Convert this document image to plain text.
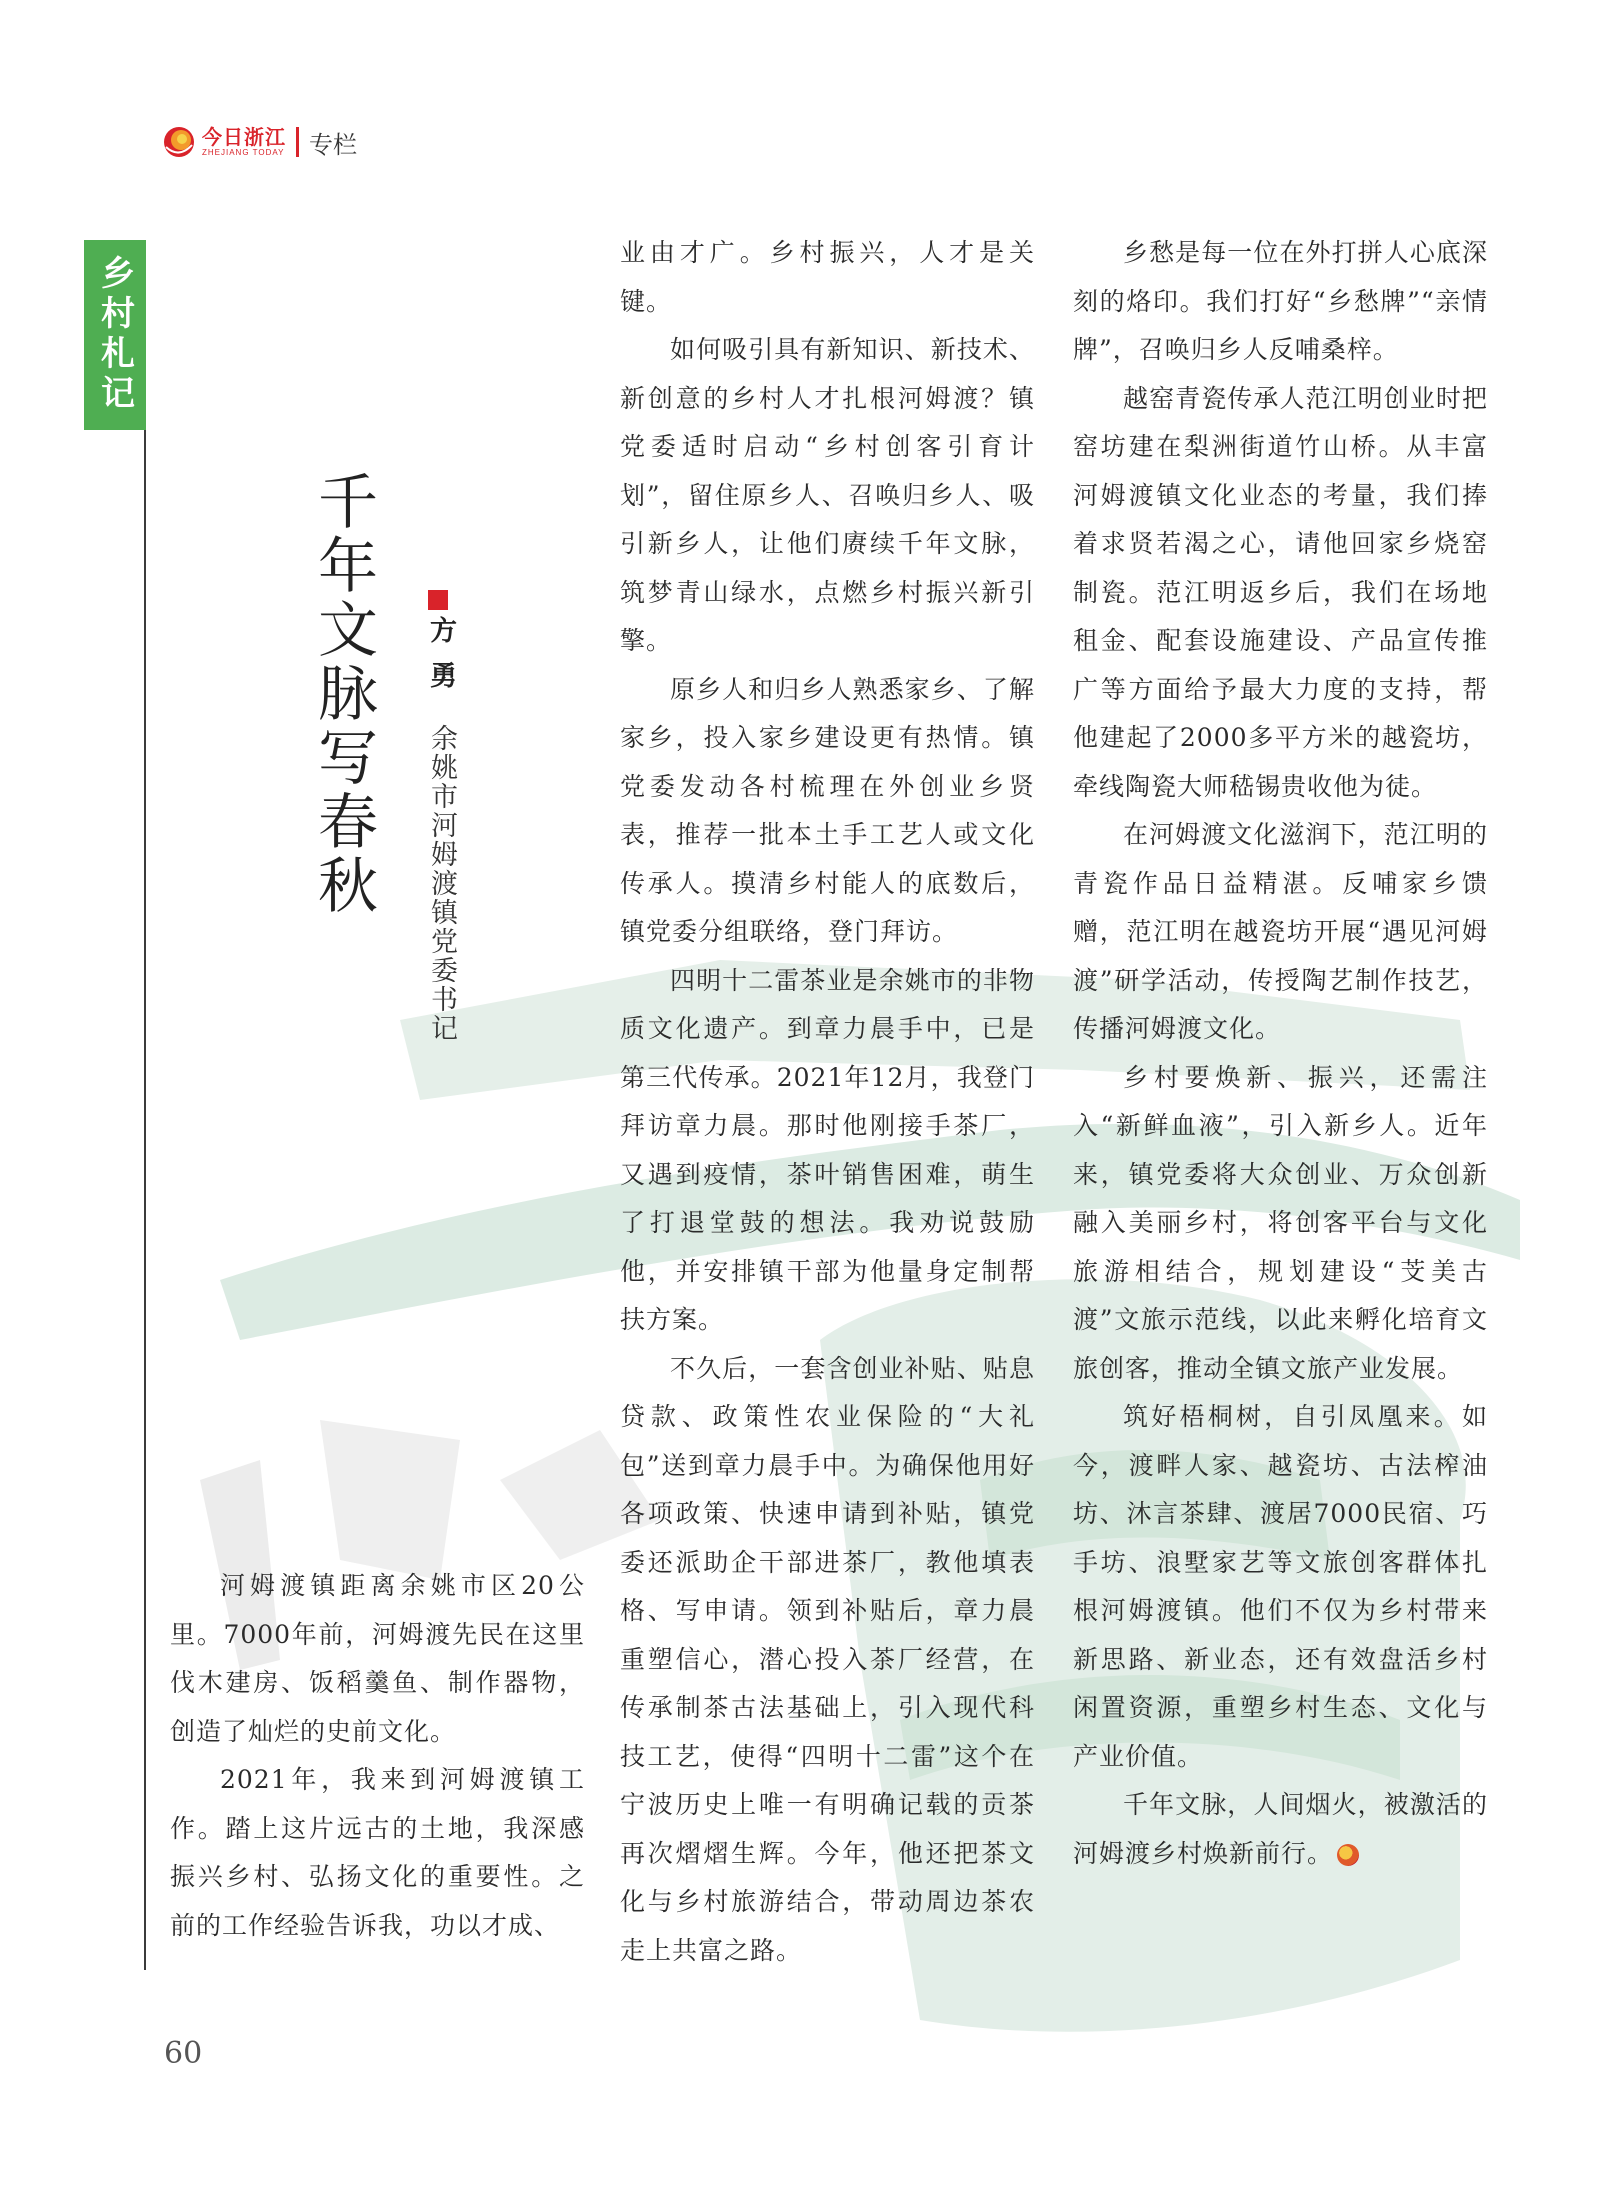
今日浙江
ZHEJIANG TODAY 专栏
乡村札记
千年文脉写春秋 方勇
余姚市河姆渡镇党委书记

河姆渡镇距离余姚市区20公里。7000年前，河姆渡先民在这里伐木建房、饭稻羹鱼、制作器物，创造了灿烂的史前文化。

2021年，我来到河姆渡镇工作。踏上这片远古的土地，我深感振兴乡村、弘扬文化的重要性。之前的工作经验告诉我，功以才成、

业由才广。乡村振兴，人才是关键。

如何吸引具有新知识、新技术、新创意的乡村人才扎根河姆渡？镇党委适时启动“乡村创客引育计划”，留住原乡人、召唤归乡人、吸引新乡人，让他们赓续千年文脉，筑梦青山绿水，点燃乡村振兴新引擎。

原乡人和归乡人熟悉家乡、了解家乡，投入家乡建设更有热情。镇党委发动各村梳理在外创业乡贤表，推荐一批本土手工艺人或文化传承人。摸清乡村能人的底数后，镇党委分组联络，登门拜访。

四明十二雷茶业是余姚市的非物质文化遗产。到章力晨手中，已是第三代传承。2021年12月，我登门拜访章力晨。那时他刚接手茶厂，又遇到疫情，茶叶销售困难，萌生了打退堂鼓的想法。我劝说鼓励他，并安排镇干部为他量身定制帮扶方案。

不久后，一套含创业补贴、贴息贷款、政策性农业保险的“大礼包”送到章力晨手中。为确保他用好各项政策、快速申请到补贴，镇党委还派助企干部进茶厂，教他填表格、写申请。领到补贴后，章力晨重塑信心，潜心投入茶厂经营，在传承制茶古法基础上，引入现代科技工艺，使得“四明十二雷”这个在宁波历史上唯一有明确记载的贡茶再次熠熠生辉。今年，他还把茶文化与乡村旅游结合，带动周边茶农走上共富之路。

乡愁是每一位在外打拼人心底深刻的烙印。我们打好“乡愁牌”“亲情牌”，召唤归乡人反哺桑梓。

越窑青瓷传承人范江明创业时把窑坊建在梨洲街道竹山桥。从丰富河姆渡镇文化业态的考量，我们捧着求贤若渴之心，请他回家乡烧窑制瓷。范江明返乡后，我们在场地租金、配套设施建设、产品宣传推广等方面给予最大力度的支持，帮他建起了2000多平方米的越瓷坊，牵线陶瓷大师嵇锡贵收他为徒。

在河姆渡文化滋润下，范江明的青瓷作品日益精湛。反哺家乡馈赠，范江明在越瓷坊开展“遇见河姆渡”研学活动，传授陶艺制作技艺，传播河姆渡文化。

乡村要焕新、振兴，还需注入“新鲜血液”，引入新乡人。近年来，镇党委将大众创业、万众创新融入美丽乡村，将创客平台与文化旅游相结合，规划建设“芠美古渡”文旅示范线，以此来孵化培育文旅创客，推动全镇文旅产业发展。

筑好梧桐树，自引凤凰来。如今，渡畔人家、越瓷坊、古法榨油坊、沐言茶肆、渡居7000民宿、巧手坊、浪墅家艺等文旅创客群体扎根河姆渡镇。他们不仅为乡村带来新思路、新业态，还有效盘活乡村闲置资源，重塑乡村生态、文化与产业价值。

千年文脉，人间烟火，被激活的河姆渡乡村焕新前行。

60
